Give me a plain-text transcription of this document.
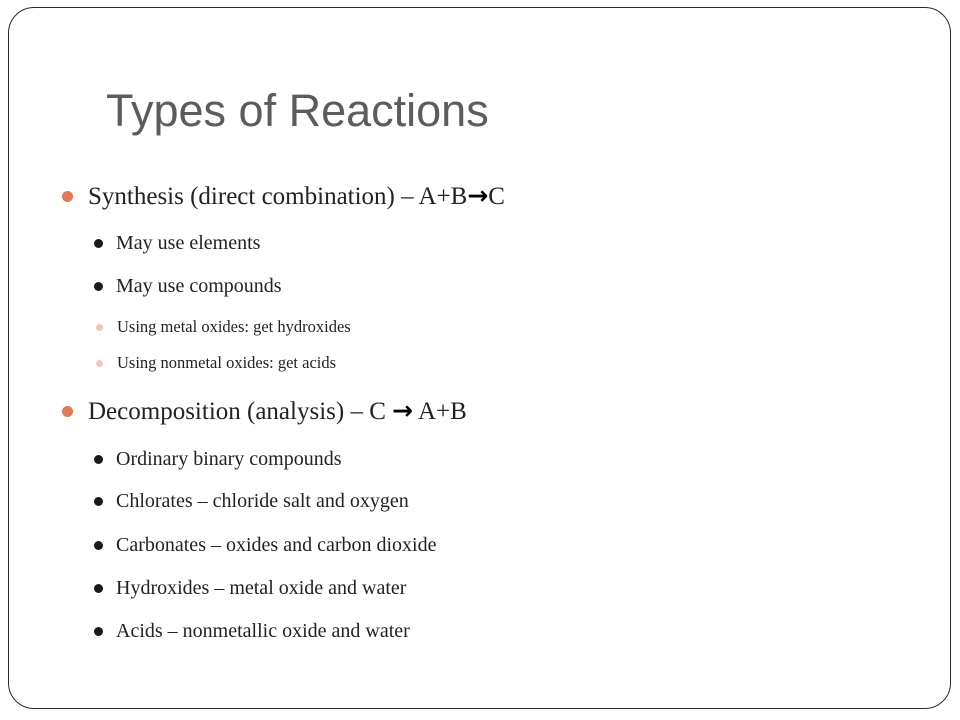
Types of Reactions
Synthesis (direct combination) – A+B→C
May use elements
May use compounds
Using metal oxides: get hydroxides
Using nonmetal oxides: get acids
Decomposition (analysis) – C → A+B
Ordinary binary compounds
Chlorates – chloride salt and oxygen
Carbonates – oxides and carbon dioxide
Hydroxides – metal oxide and water
Acids – nonmetallic oxide and water
